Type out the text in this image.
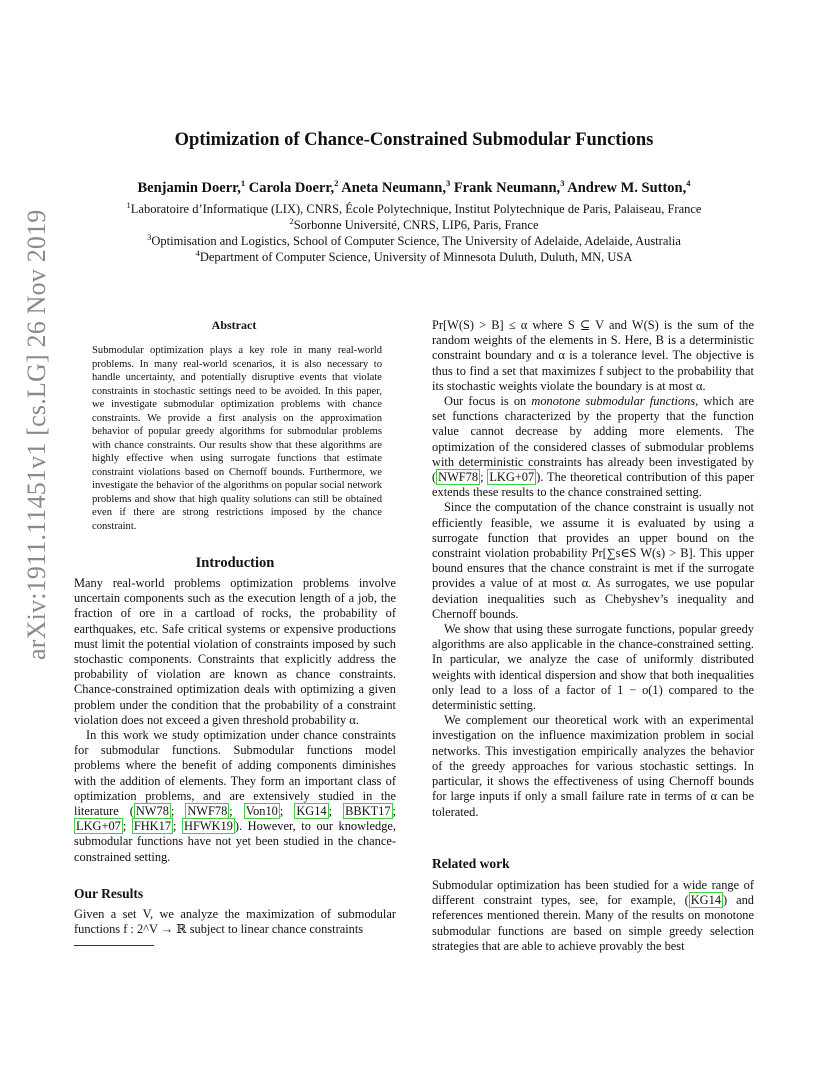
arXiv:1911.11451v1 [cs.LG] 26 Nov 2019
Optimization of Chance-Constrained Submodular Functions
Benjamin Doerr,$^1$ Carola Doerr,$^2$ Aneta Neumann,$^3$ Frank Neumann,$^3$ Andrew M. Sutton,$^4$
$^1$Laboratoire d’Informatique (LIX), CNRS, École Polytechnique, Institut Polytechnique de Paris, Palaiseau, France
$^2$Sorbonne Université, CNRS, LIP6, Paris, France
$^3$Optimisation and Logistics, School of Computer Science, The University of Adelaide, Adelaide, Australia
$^4$Department of Computer Science, University of Minnesota Duluth, Duluth, MN, USA
Abstract
Submodular optimization plays a key role in many real-world problems. In many real-world scenarios, it is also necessary to handle uncertainty, and potentially disruptive events that violate constraints in stochastic settings need to be avoided. In this paper, we investigate submodular optimization problems with chance constraints. We provide a first analysis on the approximation behavior of popular greedy algorithms for submodular problems with chance constraints. Our results show that these algorithms are highly effective when using surrogate functions that estimate constraint violations based on Chernoff bounds. Furthermore, we investigate the behavior of the algorithms on popular social network problems and show that high quality solutions can still be obtained even if there are strong restrictions imposed by the chance constraint.
Introduction

Many real-world problems optimization problems involve uncertain components such as the execution length of a job, the fraction of ore in a cartload of rocks, the probability of earthquakes, etc. Safe critical systems or expensive productions must limit the potential violation of constraints imposed by such stochastic components. Constraints that explicitly address the probability of violation are known as chance constraints. Chance-constrained optimization deals with optimizing a given problem under the condition that the probability of a constraint violation does not exceed a given threshold probability α.

In this work we study optimization under chance constraints for submodular functions. Submodular functions model problems where the benefit of adding components diminishes with the addition of elements. They form an important class of optimization problems, and are extensively studied in the literature ( NW78 ; NWF78 ; Von10 ; KG14 ; BBKT17 ; LKG+07 ; FHK17 ; HFWK19 ). However, to our knowledge, submodular functions have not yet been studied in the chance-constrained setting.

Our Results

Given a set V, we analyze the maximization of submodular functions f : 2^V → ℝ subject to linear chance constraints

Pr[W(S) > B] ≤ α where S ⊆ V and W(S) is the sum of the random weights of the elements in S. Here, B is a deterministic constraint boundary and α is a tolerance level. The objective is thus to find a set that maximizes f subject to the probability that its stochastic weights violate the boundary is at most α.

Our focus is on monotone submodular functions, which are set functions characterized by the property that the function value cannot decrease by adding more elements. The optimization of the considered classes of submodular problems with deterministic constraints has already been investigated by ( NWF78 ; LKG+07 ). The theoretical contribution of this paper extends these results to the chance constrained setting.

Since the computation of the chance constraint is usually not efficiently feasible, we assume it is evaluated by using a surrogate function that provides an upper bound on the constraint violation probability Pr[∑s∈S W(s) > B]. This upper bound ensures that the chance constraint is met if the surrogate provides a value of at most α. As surrogates, we use popular deviation inequalities such as Chebyshev’s inequality and Chernoff bounds.

We show that using these surrogate functions, popular greedy algorithms are also applicable in the chance-constrained setting. In particular, we analyze the case of uniformly distributed weights with identical dispersion and show that both inequalities only lead to a loss of a factor of 1 − o(1) compared to the deterministic setting.

We complement our theoretical work with an experimental investigation on the influence maximization problem in social networks. This investigation empirically analyzes the behavior of the greedy approaches for various stochastic settings. In particular, it shows the effectiveness of using Chernoff bounds for large inputs if only a small failure rate in terms of α can be tolerated.

Related work

Submodular optimization has been studied for a wide range of different constraint types, see, for example, ( KG14 ) and references mentioned therein. Many of the results on monotone submodular functions are based on simple greedy selection strategies that are able to achieve provably the best
